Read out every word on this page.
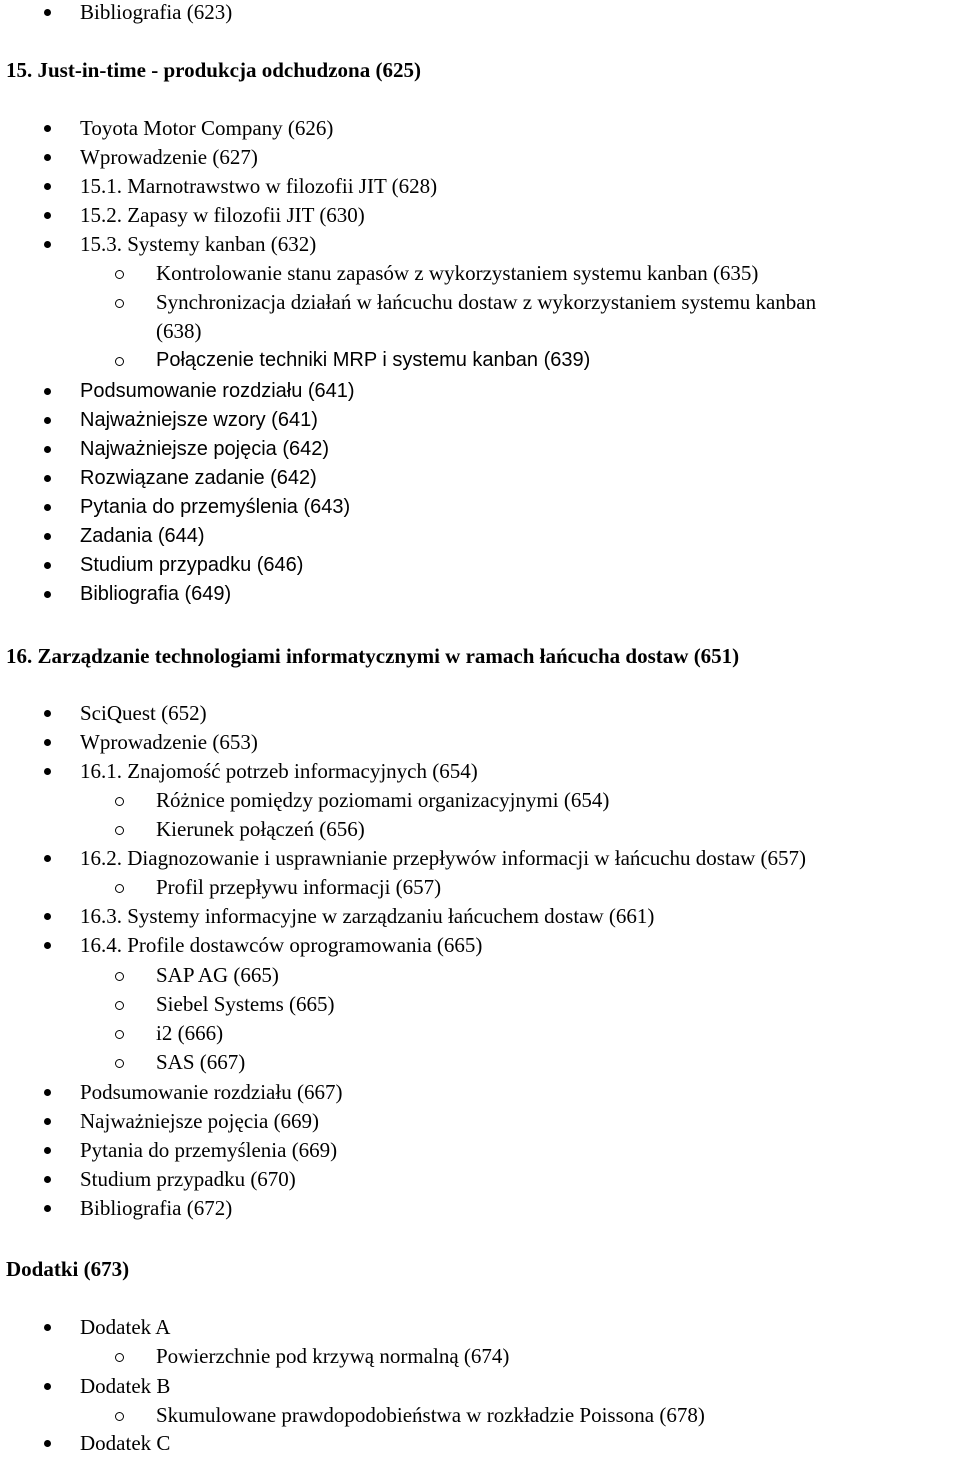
Bibliografia (623)
15. Just-in-time - produkcja odchudzona (625)
Toyota Motor Company (626)
Wprowadzenie (627)
15.1. Marnotrawstwo w filozofii JIT (628)
15.2. Zapasy w filozofii JIT (630)
15.3. Systemy kanban (632)
Kontrolowanie stanu zapasów z wykorzystaniem systemu kanban (635)
Synchronizacja działań w łańcuchu dostaw z wykorzystaniem systemu kanban
(638)
Połączenie techniki MRP i systemu kanban (639)
Podsumowanie rozdziału (641)
Najważniejsze wzory (641)
Najważniejsze pojęcia (642)
Rozwiązane zadanie (642)
Pytania do przemyślenia (643)
Zadania (644)
Studium przypadku (646)
Bibliografia (649)
16. Zarządzanie technologiami informatycznymi w ramach łańcucha dostaw (651)
SciQuest (652)
Wprowadzenie (653)
16.1. Znajomość potrzeb informacyjnych (654)
Różnice pomiędzy poziomami organizacyjnymi (654)
Kierunek połączeń (656)
16.2. Diagnozowanie i usprawnianie przepływów informacji w łańcuchu dostaw (657)
Profil przepływu informacji (657)
16.3. Systemy informacyjne w zarządzaniu łańcuchem dostaw (661)
16.4. Profile dostawców oprogramowania (665)
SAP AG (665)
Siebel Systems (665)
i2 (666)
SAS (667)
Podsumowanie rozdziału (667)
Najważniejsze pojęcia (669)
Pytania do przemyślenia (669)
Studium przypadku (670)
Bibliografia (672)
Dodatki (673)
Dodatek A
Powierzchnie pod krzywą normalną (674)
Dodatek B
Skumulowane prawdopodobieństwa w rozkładzie Poissona (678)
Dodatek C
